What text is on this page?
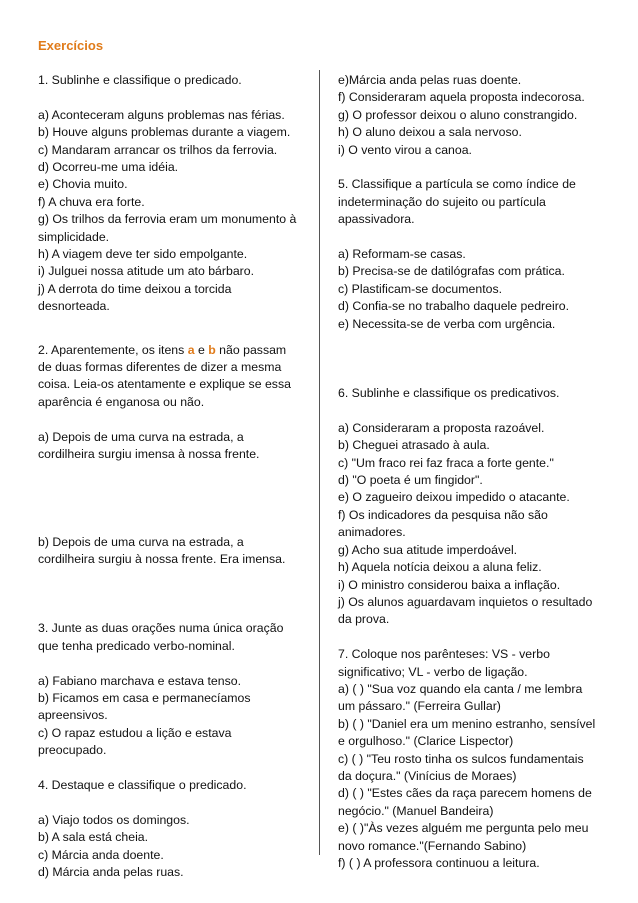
Exercícios

1. Sublinhe e classifique o predicado.

a) Aconteceram alguns problemas nas férias.

b) Houve alguns problemas durante a viagem.

c) Mandaram arrancar os trilhos da ferrovia.

d) Ocorreu-me uma idéia.

e) Chovia muito.

f) A chuva era forte.

g) Os trilhos da ferrovia eram um monumento à simplicidade.

h) A viagem deve ter sido empolgante.

i) Julguei nossa atitude um ato bárbaro.

j) A derrota do time deixou a torcida desnorteada.

2. Aparentemente, os itens a e b não passam de duas formas diferentes de dizer a mesma coisa. Leia-os atentamente e explique se essa aparência é enganosa ou não.

a) Depois de uma curva na estrada, a cordilheira surgiu imensa à nossa frente.

b) Depois de uma curva na estrada, a cordilheira surgiu à nossa frente. Era imensa.

3. Junte as duas orações numa única oração que tenha predicado verbo-nominal.

a) Fabiano marchava e estava tenso.

b) Ficamos em casa e permanecíamos apreensivos.

c) O rapaz estudou a lição e estava preocupado.

4. Destaque e classifique o predicado.

a) Viajo todos os domingos.

b) A sala está cheia.

c) Márcia anda doente.

d) Márcia anda pelas ruas.

e)Márcia anda pelas ruas doente.

f) Consideraram aquela proposta indecorosa.

g) O professor deixou o aluno constrangido.

h) O aluno deixou a sala nervoso.

i) O vento virou a canoa.

5. Classifique a partícula se como índice de indeterminação do sujeito ou partícula apassivadora.

a) Reformam-se casas.

b) Precisa-se de datilógrafas com prática.

c) Plastificam-se documentos.

d) Confia-se no trabalho daquele pedreiro.

e) Necessita-se de verba com urgência.

6. Sublinhe e classifique os predicativos.

a) Consideraram a proposta razoável.

b) Cheguei atrasado à aula.

c) "Um fraco rei faz fraca a forte gente."

d) "O poeta é um fingidor".

e) O zagueiro deixou impedido o atacante.

f) Os indicadores da pesquisa não são animadores.

g) Acho sua atitude imperdoável.

h) Aquela notícia deixou a aluna feliz.

i) O ministro considerou baixa a inflação.

j) Os alunos aguardavam inquietos o resultado da prova.

7. Coloque nos parênteses: VS - verbo significativo; VL - verbo de ligação.

a) ( ) "Sua voz quando ela canta / me lembra um pássaro." (Ferreira Gullar)

b) ( ) "Daniel era um menino estranho, sensível e orgulhoso." (Clarice Lispector)

c) ( ) "Teu rosto tinha os sulcos fundamentais da doçura." (Vinícius de Moraes)

d) ( ) "Estes cães da raça parecem homens de negócio." (Manuel Bandeira)

e) ( )"Às vezes alguém me pergunta pelo meu novo romance."(Fernando Sabino)

f) ( ) A professora continuou a leitura.
